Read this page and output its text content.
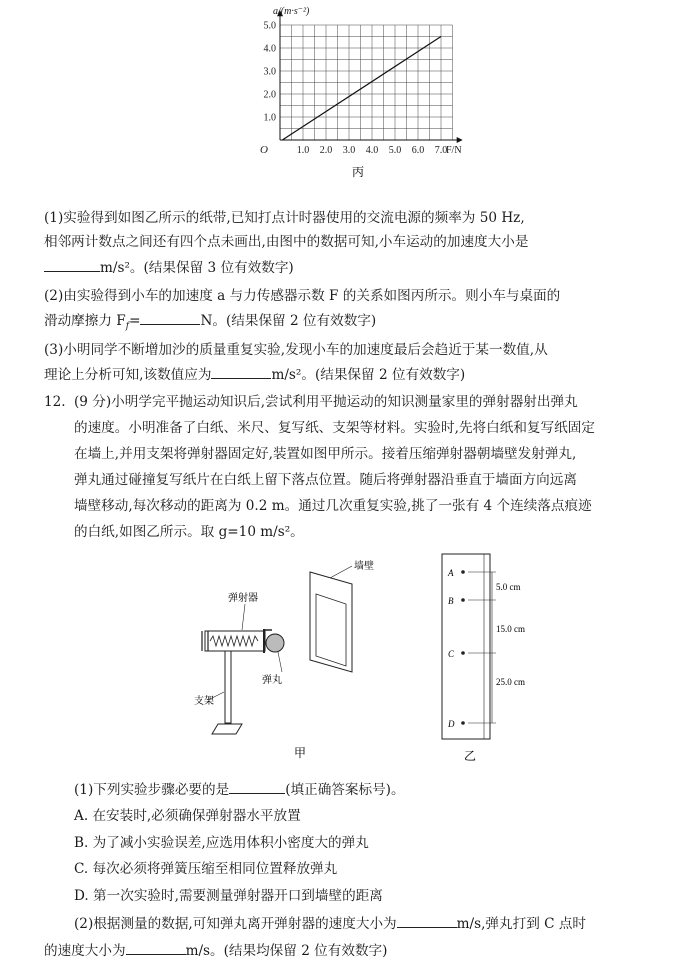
1.0
2.0
3.0
4.0
5.0
1.0 2.0 3.0 4.0 5.0 6.0 7.0
a/(m·s⁻²)
F/N
O
丙
(1)实验得到如图乙所示的纸带,已知打点计时器使用的交流电源的频率为 50 Hz,
相邻两计数点之间还有四个点未画出,由图中的数据可知,小车运动的加速度大小是
m/s²。(结果保留 3 位有效数字)
(2)由实验得到小车的加速度 a 与力传感器示数 F 的关系如图丙所示。则小车与桌面的
滑动摩擦力 $F_f=$	N。(结果保留 2 位有效数字)
(3)小明同学不断增加沙的质量重复实验,发现小车的加速度最后会趋近于某一数值,从
理论上分析可知,该数值应为	m/s²。(结果保留 2 位有效数字)
12. (9 分)小明学完平抛运动知识后,尝试利用平抛运动的知识测量家里的弹射器射出弹丸
的速度。小明准备了白纸、米尺、复写纸、支架等材料。实验时,先将白纸和复写纸固定
在墙上,并用支架将弹射器固定好,装置如图甲所示。接着压缩弹射器朝墙壁发射弹丸,
弹丸通过碰撞复写纸片在白纸上留下落点位置。随后将弹射器沿垂直于墙面方向远离
墙壁移动,每次移动的距离为 0.2 m。通过几次重复实验,挑了一张有 4 个连续落点痕迹
的白纸,如图乙所示。取 g=10 m/s²。
墙壁
弹射器
弹丸
支架
甲
A
B
C
D
5.0 cm
15.0 cm
25.0 cm
乙
(1)下列实验步骤必要的是	(填正确答案标号)。
A. 在安装时,必须确保弹射器水平放置
B. 为了减小实验误差,应选用体积小密度大的弹丸
C. 每次必须将弹簧压缩至相同位置释放弹丸
D. 第一次实验时,需要测量弹射器开口到墙壁的距离
(2)根据测量的数据,可知弹丸离开弹射器的速度大小为	m/s,弹丸打到 C 点时
的速度大小为	m/s。(结果均保留 2 位有效数字)
